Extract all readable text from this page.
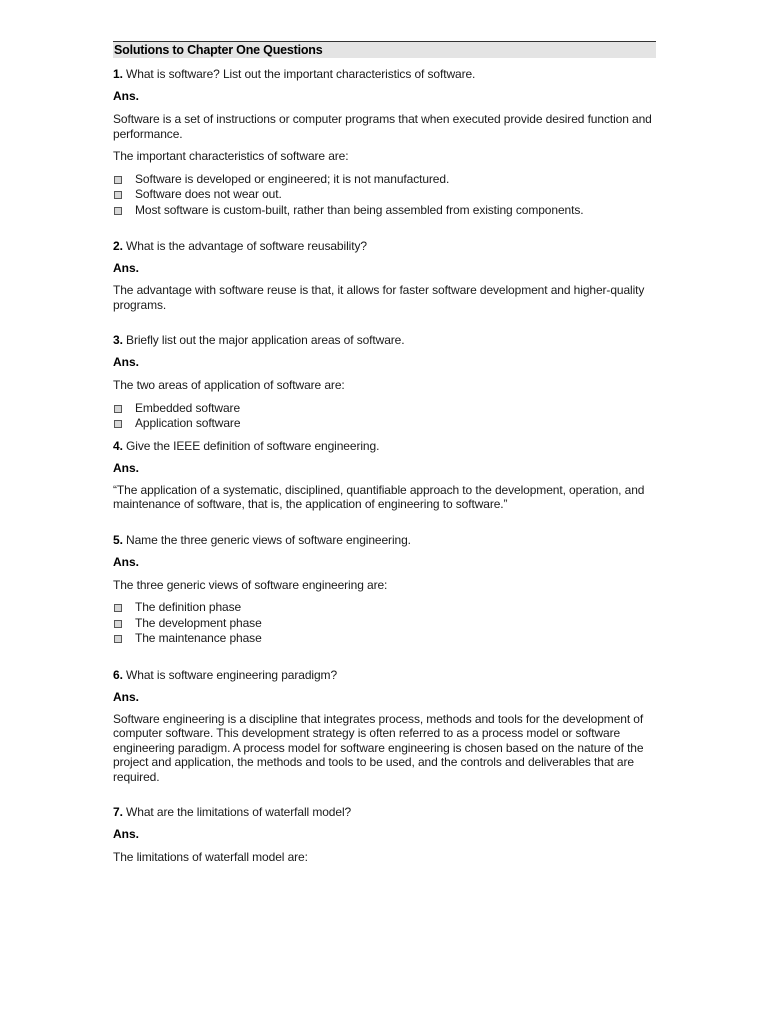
Solutions to Chapter One Questions

1. What is software? List out the important characteristics of software.

Ans.

Software is a set of instructions or computer programs that when executed provide desired function and performance.

The important characteristics of software are:

Software is developed or engineered; it is not manufactured.
Software does not wear out.
Most software is custom-built, rather than being assembled from existing components.

2. What is the advantage of software reusability?

Ans.

The advantage with software reuse is that, it allows for faster software development and higher-quality programs.

3. Briefly list out the major application areas of software.

Ans.

The two areas of application of software are:

Embedded software
Application software

4. Give the IEEE definition of software engineering.

Ans.

“The application of a systematic, disciplined, quantifiable approach to the development, operation, and maintenance of software, that is, the application of engineering to software.”

5. Name the three generic views of software engineering.

Ans.

The three generic views of software engineering are:

The definition phase
The development phase
The maintenance phase

6. What is software engineering paradigm?

Ans.

Software engineering is a discipline that integrates process, methods and tools for the development of computer software. This development strategy is often referred to as a process model or software engineering paradigm. A process model for software engineering is chosen based on the nature of the project and application, the methods and tools to be used, and the controls and deliverables that are required.

7. What are the limitations of waterfall model?

Ans.

The limitations of waterfall model are:
